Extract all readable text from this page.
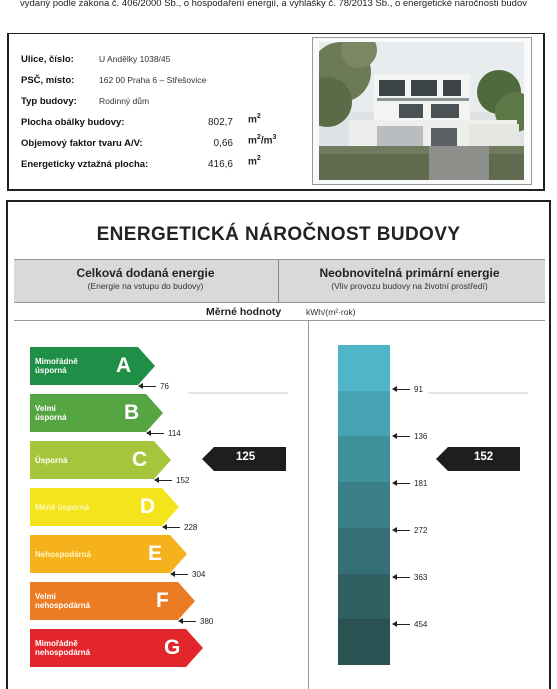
vydaný podle zákona č. 406/2000 Sb., o hospodaření energií, a vyhlášky č. 78/2013 Sb., o energetické náročnosti budov
Ulice, číslo:	U Andělky 1038/45
PSČ, místo:	162 00 Praha 6 – Střešovice
Typ budovy:	Rodinný dům
Plocha obálky budovy:	802,7 $m^2$
Objemový faktor tvaru A/V:	0,66 $m^2/m^3$
Energeticky vztažná plocha:	416,6 $m^2$
ENERGETICKÁ NÁROČNOST BUDOVY
Celková dodaná energie
(Energie na vstupu do budovy)
Neobnovitelná primární energie
(Vliv provozu budovy na životní prostředí)
Měrné hodnoty	kWh/(m²·rok)
Mimořádně
úsporná	A
Velmi
úsporná	B
Úsporná	C
Méně úsporná D
Nehospodárná	E
Velmi
nehospodárná	F
Mimořádně
nehospodárná	G
76
114
152
228
304
380
125
91
136
181
272
363
454
152
